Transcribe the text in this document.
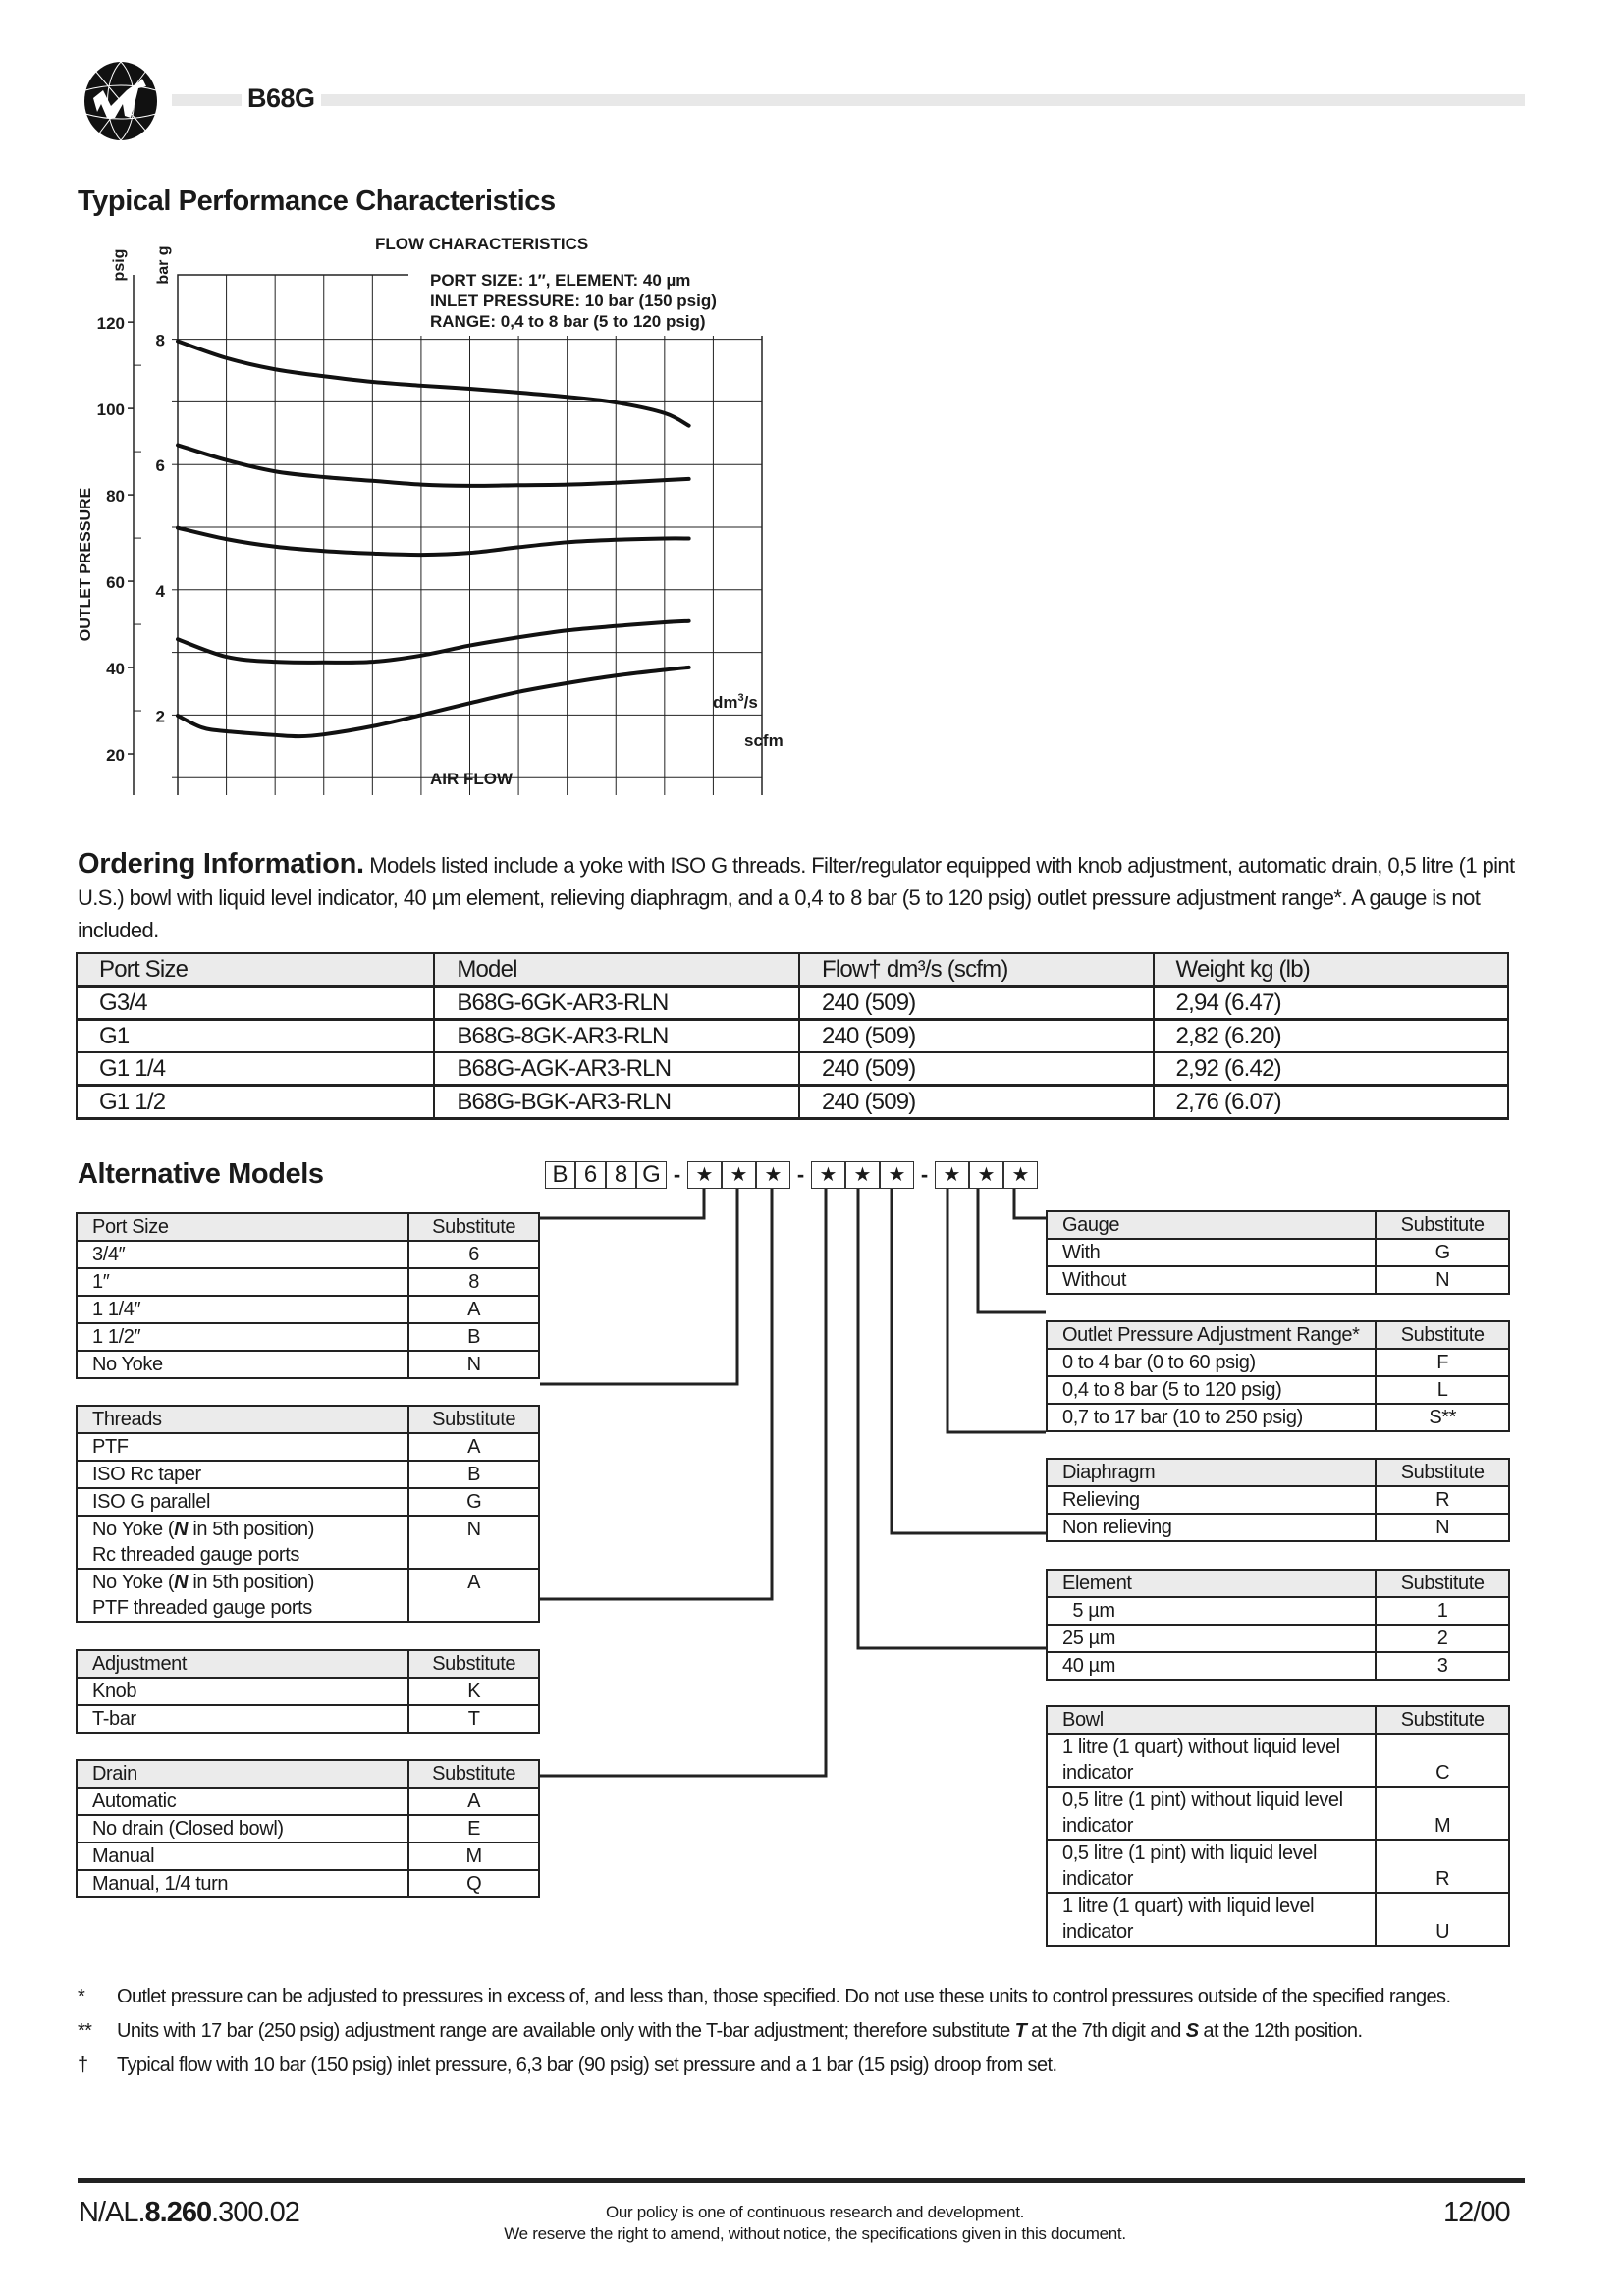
B68G
Typical Performance Characteristics
2
4
6
8
20
40
60
80
100
120
FLOW CHARACTERISTICS
PORT SIZE: 1″, ELEMENT: 40 µm
INLET PRESSURE: 10 bar (150 psig)
RANGE: 0,4 to 8 bar (5 to 120 psig)
OUTLET PRESSURE
psig bar g
$dm^3/s$
scfm
AIR FLOW
Ordering Information. Models listed include a yoke with ISO G threads. Filter/regulator equipped with knob adjustment, automatic drain, 0,5 litre (1 pint U.S.) bowl with liquid level indicator, 40 µm element, relieving diaphragm, and a 0,4 to 8 bar (5 to 120 psig) outlet pressure adjustment range*. A gauge is not included.
Port Size	Model	Flow† dm³/s (scfm)	Weight kg (lb)
G3/4	B68G-6GK-AR3-RLN	240 (509)	2,94 (6.47)
G1	B68G-8GK-AR3-RLN	240 (509)	2,82 (6.20)
G1 1/4	B68G-AGK-AR3-RLN	240 (509)	2,92 (6.42)
G1 1/2	B68G-BGK-AR3-RLN	240 (509)	2,76 (6.07)
Alternative Models	B 6 8 G - ★ ★ ★ - ★ ★ ★ - ★ ★ ★
Port Size	Substitute

3/4″	6

1″	8

1 1/4″	A

1 1/2″	B

No Yoke	N
Threads	Substitute

PTF	A

ISO Rc taper	B

ISO G parallel	G

No Yoke (N in 5th position)
Rc threaded gauge ports	N

No Yoke (N in 5th position)
PTF threaded gauge ports	A
Adjustment	Substitute

Knob	K

T-bar	T
Drain	Substitute

Automatic	A

No drain (Closed bowl)	E

Manual	M

Manual, 1/4 turn	Q
Gauge	Substitute

With	G

Without	N
Outlet Pressure Adjustment Range*	Substitute

0 to 4 bar (0 to 60 psig)	F

0,4 to 8 bar (5 to 120 psig)	L

0,7 to 17 bar (10 to 250 psig)	S**
Diaphragm	Substitute

Relieving	R

Non relieving	N
Element	Substitute

5 µm	1

25 µm	2

40 µm	3
Bowl	Substitute

1 litre (1 quart) without liquid level
indicator	C

0,5 litre (1 pint) without liquid level
indicator	M

0,5 litre (1 pint) with liquid level
indicator	R

1 litre (1 quart) with liquid level
indicator	U
*	Outlet pressure can be adjusted to pressures in excess of, and less than, those specified. Do not use these units to control pressures outside of the specified ranges.
**	Units with 17 bar (250 psig) adjustment range are available only with the T-bar adjustment; therefore substitute T at the 7th digit and S at the 12th position.
†	Typical flow with 10 bar (150 psig) inlet pressure, 6,3 bar (90 psig) set pressure and a 1 bar (15 psig) droop from set.
N/AL.8.260.300.02	Our policy is one of continuous research and development.
We reserve the right to amend, without notice, the specifications given in this document.
12/00
